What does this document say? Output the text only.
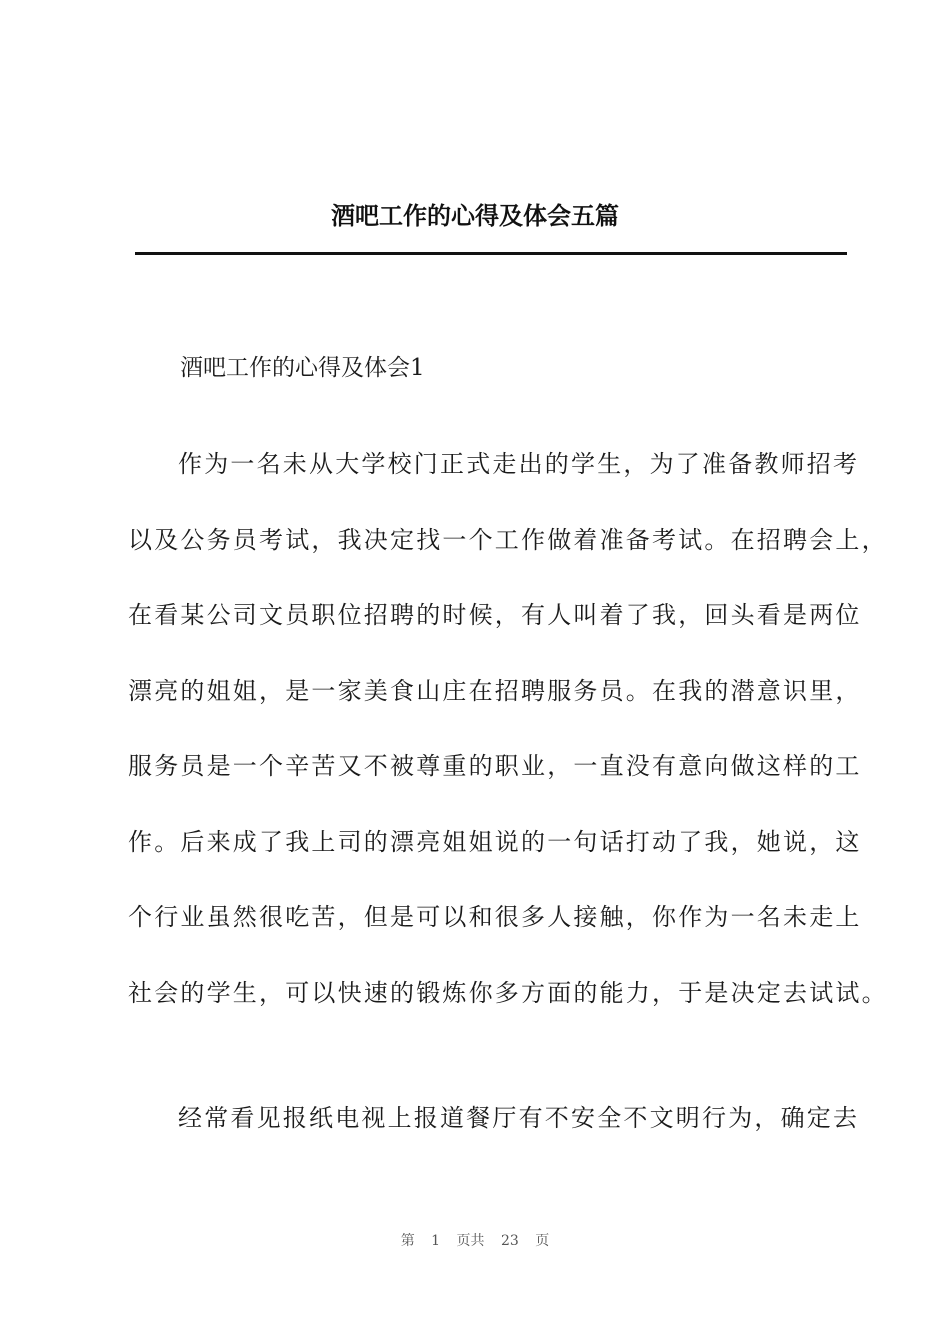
酒吧工作的心得及体会五篇
酒吧工作的心得及体会1
作为一名未从大学校门正式走出的学生，为了准备教师招考
以及公务员考试，我决定找一个工作做着准备考试。在招聘会上，
在看某公司文员职位招聘的时候，有人叫着了我，回头看是两位
漂亮的姐姐，是一家美食山庄在招聘服务员。在我的潜意识里，
服务员是一个辛苦又不被尊重的职业，一直没有意向做这样的工
作。后来成了我上司的漂亮姐姐说的一句话打动了我，她说，这
个行业虽然很吃苦，但是可以和很多人接触，你作为一名未走上
社会的学生，可以快速的锻炼你多方面的能力，于是决定去试试。
经常看见报纸电视上报道餐厅有不安全不文明行为，确定去
第 1 页共 23 页
